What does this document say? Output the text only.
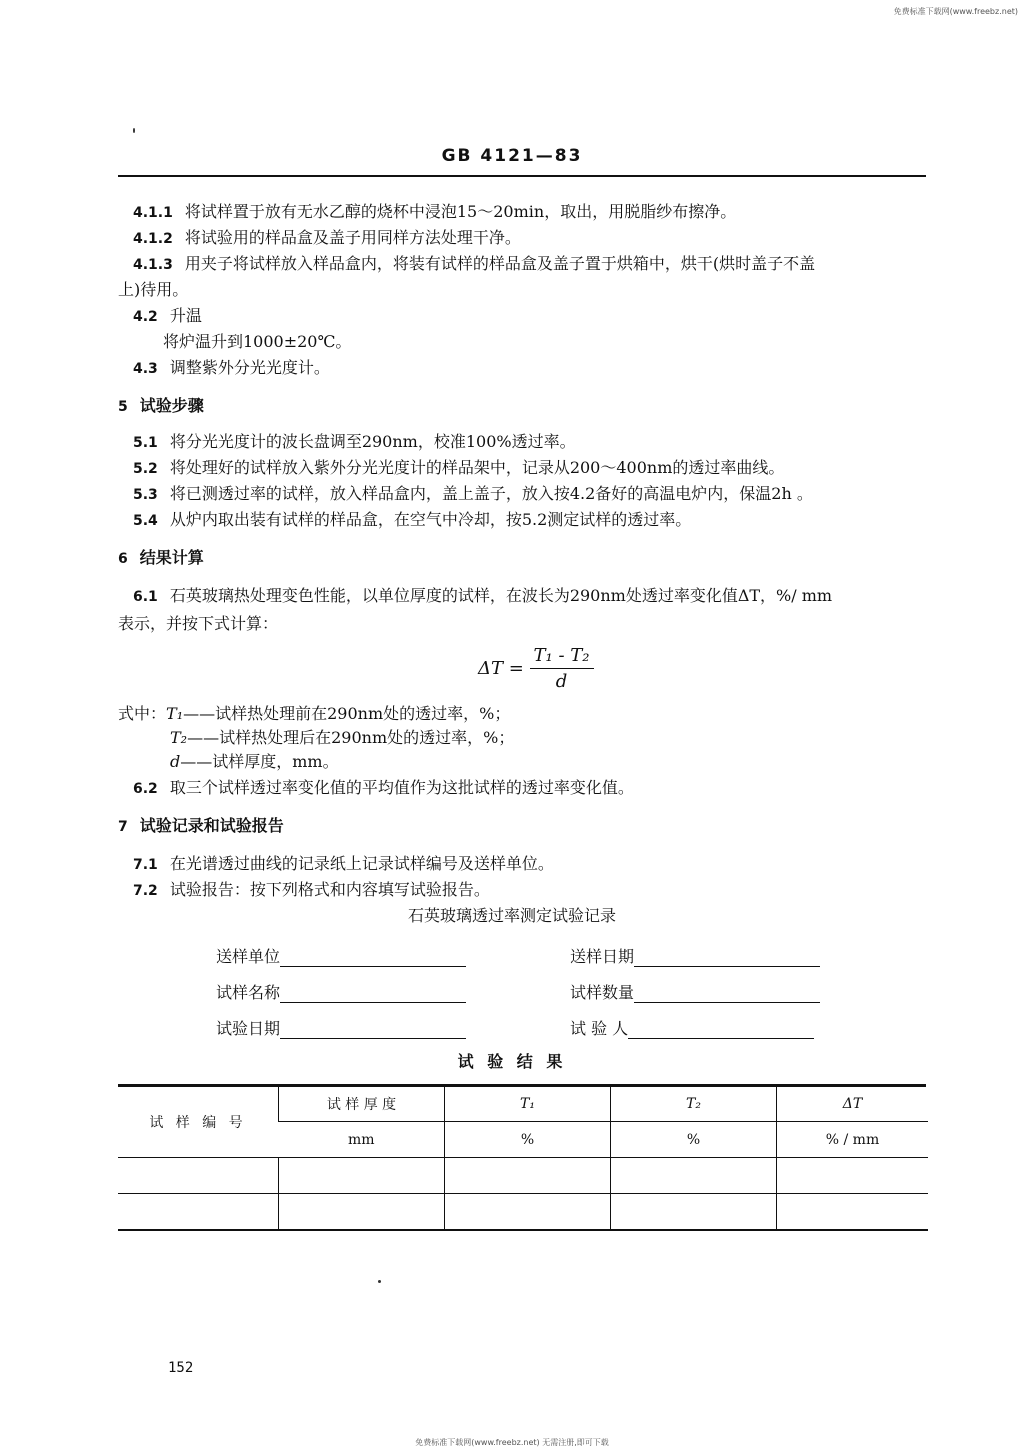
免费标准下载网(www.freebz.net)
GB 4121—83
4.1.1 将试样置于放有无水乙醇的烧杯中浸泡15～20min，取出，用脱脂纱布擦净。
4.1.2 将试验用的样品盒及盖子用同样方法处理干净。
4.1.3 用夹子将试样放入样品盒内，将装有试样的样品盒及盖子置于烘箱中，烘干(烘时盖子不盖
上)待用。
4.2 升温
将炉温升到1000±20℃。
4.3 调整紫外分光光度计。
5 试验步骤
5.1 将分光光度计的波长盘调至290nm，校准100%透过率。
5.2 将处理好的试样放入紫外分光光度计的样品架中，记录从200～400nm的透过率曲线。
5.3 将已测透过率的试样，放入样品盒内，盖上盖子，放入按4.2备好的高温电炉内，保温2h 。
5.4 从炉内取出装有试样的样品盒，在空气中冷却，按5.2测定试样的透过率。
6 结果计算
6.1 石英玻璃热处理变色性能，以单位厚度的试样，在波长为290nm处透过率变化值ΔT，%/ mm
表示，并按下式计算：
$\Delta T = \frac{\text{T₁ - T₂}}{d}$
式中：T₁——试样热处理前在290nm处的透过率，%；
T₂——试样热处理后在290nm处的透过率，%；
d——试样厚度，mm。
6.2 取三个试样透过率变化值的平均值作为这批试样的透过率变化值。
7 试验记录和试验报告
7.1 在光谱透过曲线的记录纸上记录试样编号及送样单位。
7.2 试验报告：按下列格式和内容填写试验报告。
石英玻璃透过率测定试验记录
送样单位	送样日期
试样名称	试样数量
试验日期	试 验 人
试 验 结 果
试 样 编 号	试 样 厚 度	T₁	T₂	ΔT
	mm	%	%	% / mm

152
免费标准下载网(www.freebz.net) 无需注册,即可下载
